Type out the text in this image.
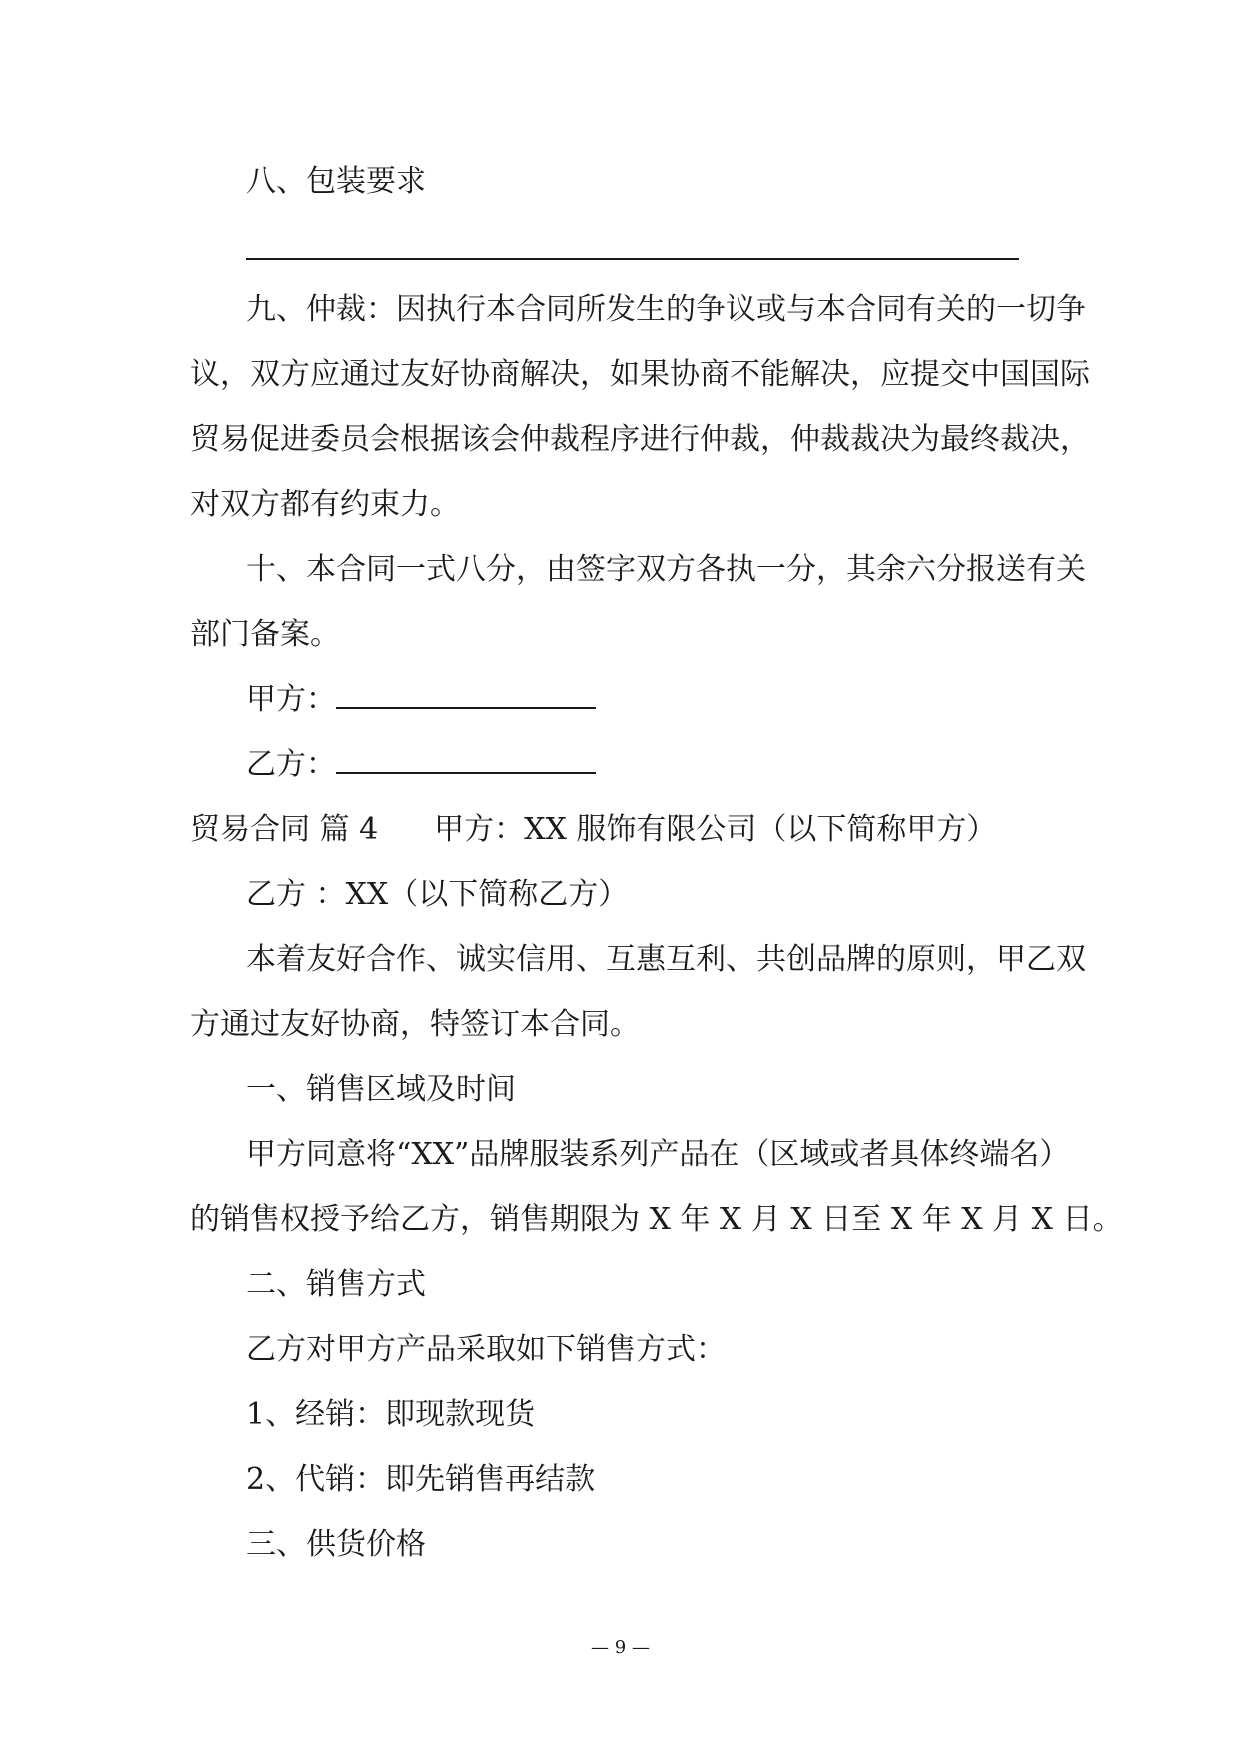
八、包装要求
九、仲裁：因执行本合同所发生的争议或与本合同有关的一切争
议，双方应通过友好协商解决，如果协商不能解决，应提交中国国际
贸易促进委员会根据该会仲裁程序进行仲裁，仲裁裁决为最终裁决，
对双方都有约束力。
十、本合同一式八分，由签字双方各执一分，其余六分报送有关
部门备案。
甲方：
乙方：
贸易合同 篇 4 甲方：XX 服饰有限公司（以下简称甲方）
乙方 ：XX（以下简称乙方）
本着友好合作、诚实信用、互惠互利、共创品牌的原则，甲乙双
方通过友好协商，特签订本合同。
一、销售区域及时间
甲方同意将“XX”品牌服装系列产品在（区域或者具体终端名）
的销售权授予给乙方，销售期限为 X 年 X 月 X 日至 X 年 X 月 X 日。
二、销售方式
乙方对甲方产品采取如下销售方式：
1、经销：即现款现货
2、代销：即先销售再结款
三、供货价格
— 9 —
